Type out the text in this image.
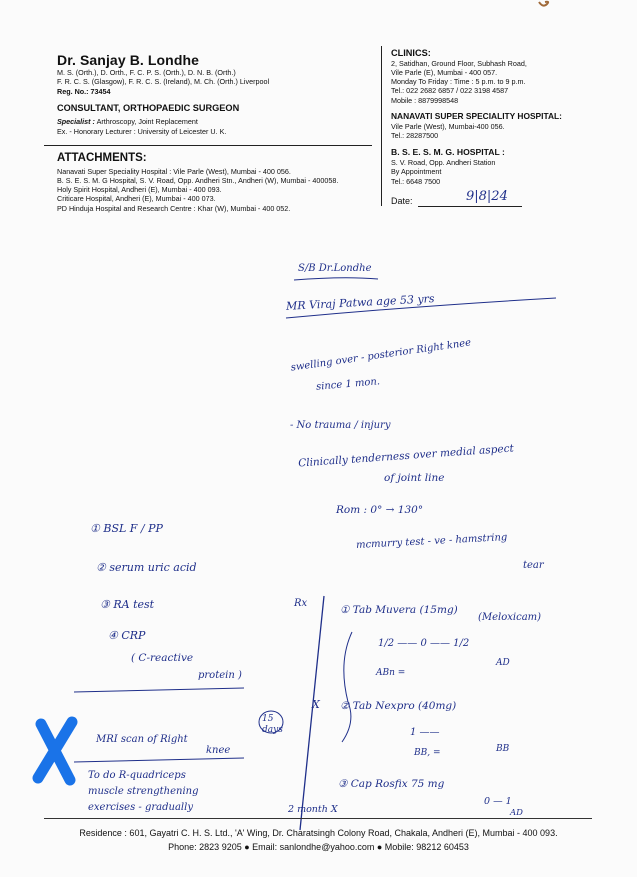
Dr. Sanjay B. Londhe
M. S. (Orth.), D. Orth., F. C. P. S. (Orth.), D. N. B. (Orth.)
F. R. C. S. (Glasgow), F. R. C. S. (Ireland), M. Ch. (Orth.) Liverpool
Reg. No.: 73454
CONSULTANT, ORTHOPAEDIC SURGEON
Specialist : Arthroscopy, Joint Replacement
Ex. - Honorary Lecturer : University of Leicester U. K.
ATTACHMENTS:
Nanavati Super Speciality Hospital : Vile Parle (West), Mumbai - 400 056.
B. S. E. S. M. G Hospital, S. V. Road, Opp. Andheri Stn., Andheri (W), Mumbai - 400058.
Holy Spirit Hospital, Andheri (E), Mumbai - 400 093.
Criticare Hospital, Andheri (E), Mumbai - 400 073.
PD Hinduja Hospital and Research Centre : Khar (W), Mumbai - 400 052.
CLINICS:
2, Satidhan, Ground Floor, Subhash Road,
Vile Parle (E), Mumbai - 400 057.
Monday To Friday : Time : 5 p.m. to 9 p.m.
Tel.: 022 2682 6857 / 022 3198 4587
Mobile : 8879998548
NANAVATI SUPER SPECIALITY HOSPITAL:
Vile Parle (West), Mumbai-400 056.
Tel.: 28287500
B. S. E. S. M. G. HOSPITAL :
S. V. Road, Opp. Andheri Station
By Appointment
Tel.: 6648 7500
Date:	9|8|24
S/B Dr.Londhe
MR Viraj Patwa age 53 yrs
swelling over - posterior Right knee
since 1 mon.
- No trauma / injury
Clinically tenderness over medial aspect
of joint line
Rom : 0° → 130°
mcmurry test - ve - hamstring
tear
① BSL F / PP
② serum uric acid
③ RA test
④ CRP
( C-reactive
protein )
MRI scan of Right
knee
To do R-quadriceps
muscle strengthening
exercises - gradually
Rx
① Tab Muvera (15mg)
(Meloxicam)
1/2 —— 0 —— 1/2
ABn =
AD
② Tab Nexpro (40mg)
1 ——
BB, =	BB
③ Cap Rosfix 75 mg
0 — 1
AD
15 days
X
2 month X
Residence : 601, Gayatri C. H. S. Ltd., 'A' Wing, Dr. Charatsingh Colony Road, Chakala, Andheri (E), Mumbai - 400 093.
Phone: 2823 9205 ● Email: sanlondhe@yahoo.com ● Mobile: 98212 60453
